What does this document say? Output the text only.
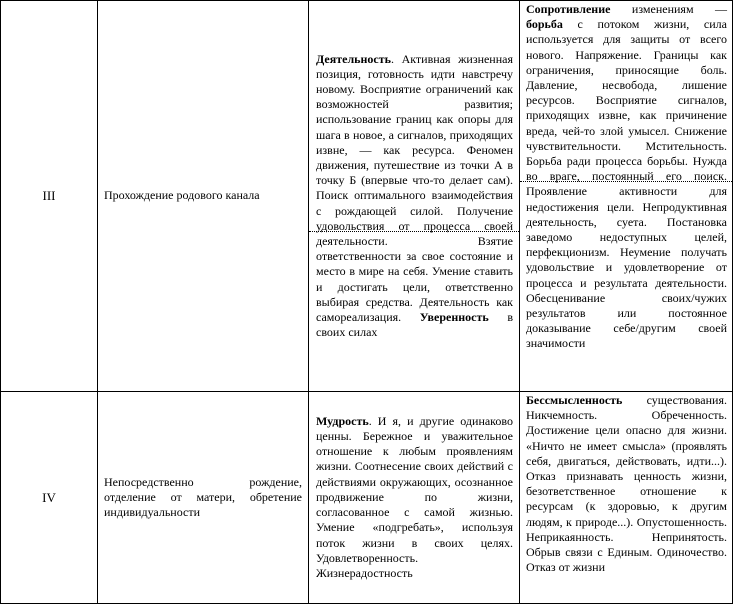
III	Прохождение родового канала
Деятельность. Активная жизненная позиция, готовность идти навстречу новому. Восприятие ограничений как возможностей развития; использование границ как опоры для шага в новое, а сигналов, приходящих извне, — как ресурса. Феномен движения, путешествие из точки А в точку Б (впервые что-то делает сам). Поиск оптимального взаимодействия с рождающей силой. Получение удовольствия от процесса своей деятельности. Взятие ответственности за свое состояние и место в мире на себя. Умение ставить и достигать цели, ответственно выбирая средства. Деятельность как самореализация. Уверенность в своих силах
Сопротивление изменениям — борьба с потоком жизни, сила используется для защиты от всего нового. Напряжение. Границы как ограничения, приносящие боль. Давление, несвобода, лишение ресурсов. Восприятие сигналов, приходящих извне, как причинение вреда, чей-то злой умысел. Снижение чувствительности. Мстительность. Борьба ради процесса борьбы. Нужда во враге, постоянный его поиск. Проявление активности для недостижения цели. Непродуктивная деятельность, суета. Постановка заведомо недоступных целей, перфекционизм. Неумение получать удовольствие и удовлетворение от процесса и результата деятельности. Обесценивание своих/чужих результатов или постоянное доказывание себе/другим своей значимости
IV
Непосредственно рождение, отделение от матери, обретение индивидуальности
Мудрость. И я, и другие одинаково ценны. Бережное и уважительное отношение к любым проявлениям жизни. Соотнесение своих действий с действиями окружающих, осознанное продвижение по жизни, согласованное с самой жизнью. Умение «подгребать», используя поток жизни в своих целях. Удовлетворенность. Жизнерадостность
Бессмысленность существования. Никчемность. Обреченность. Достижение цели опасно для жизни. «Ничто не имеет смысла» (проявлять себя, двигаться, действовать, идти...). Отказ признавать ценность жизни, безответственное отношение к ресурсам (к здоровью, к другим людям, к природе...). Опустошенность. Неприкаянность. Непринятость. Обрыв связи с Единым. Одиночество. Отказ от жизни
